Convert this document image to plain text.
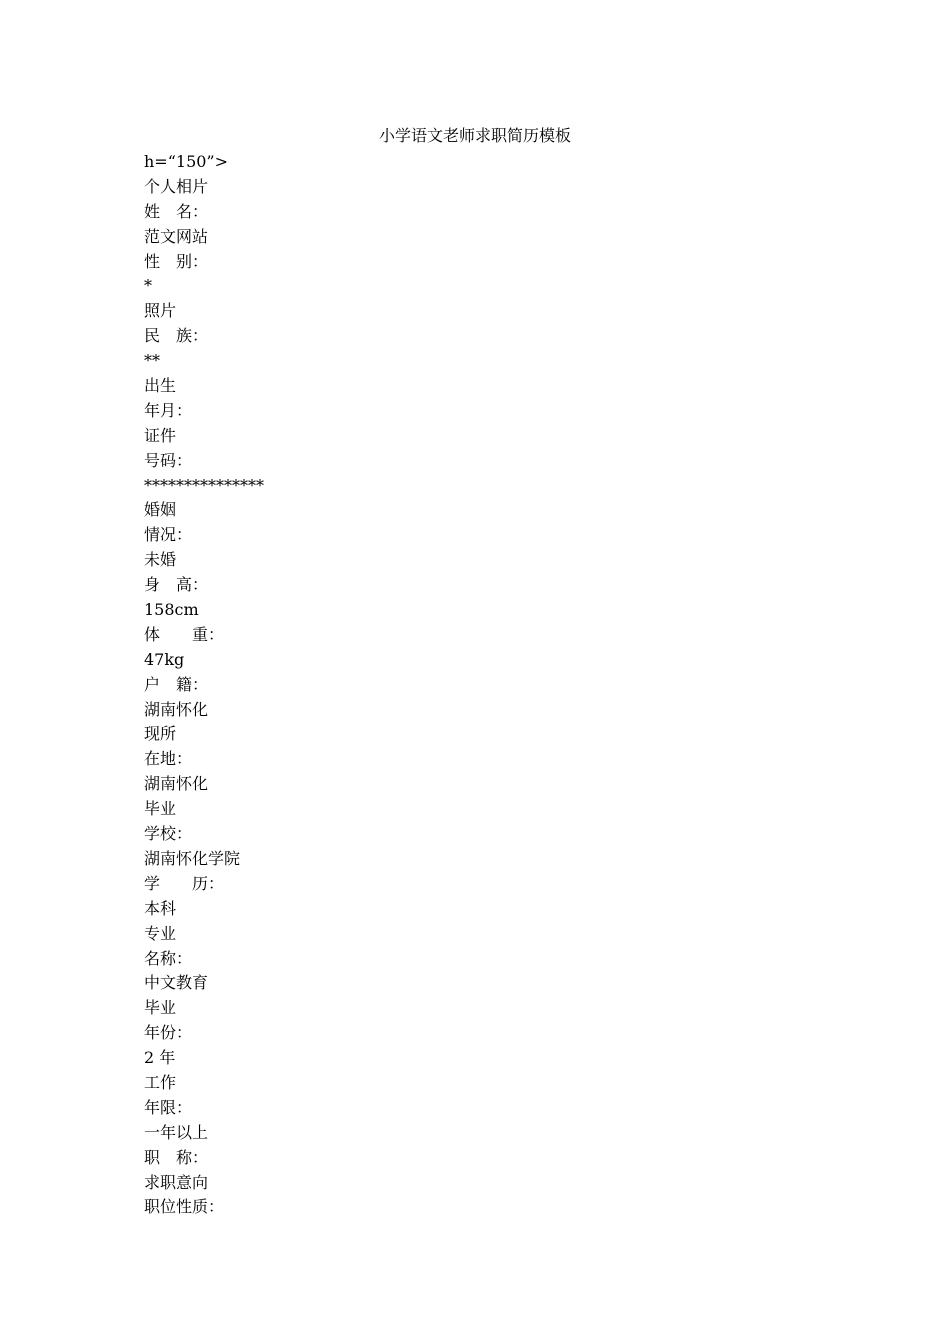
小学语文老师求职简历模板
h=“150”>
个人相片
姓　名：
范文网站
性　别：
*
照片
民　族：
**
出生
年月：
证件
号码：
***************
婚姻
情况：
未婚
身　高：
158cm
体　　重：
47kg
户　籍：
湖南怀化
现所
在地：
湖南怀化
毕业
学校：
湖南怀化学院
学　　历：
本科
专业
名称：
中文教育
毕业
年份：
2 年
工作
年限：
一年以上
职　称：
求职意向
职位性质：
